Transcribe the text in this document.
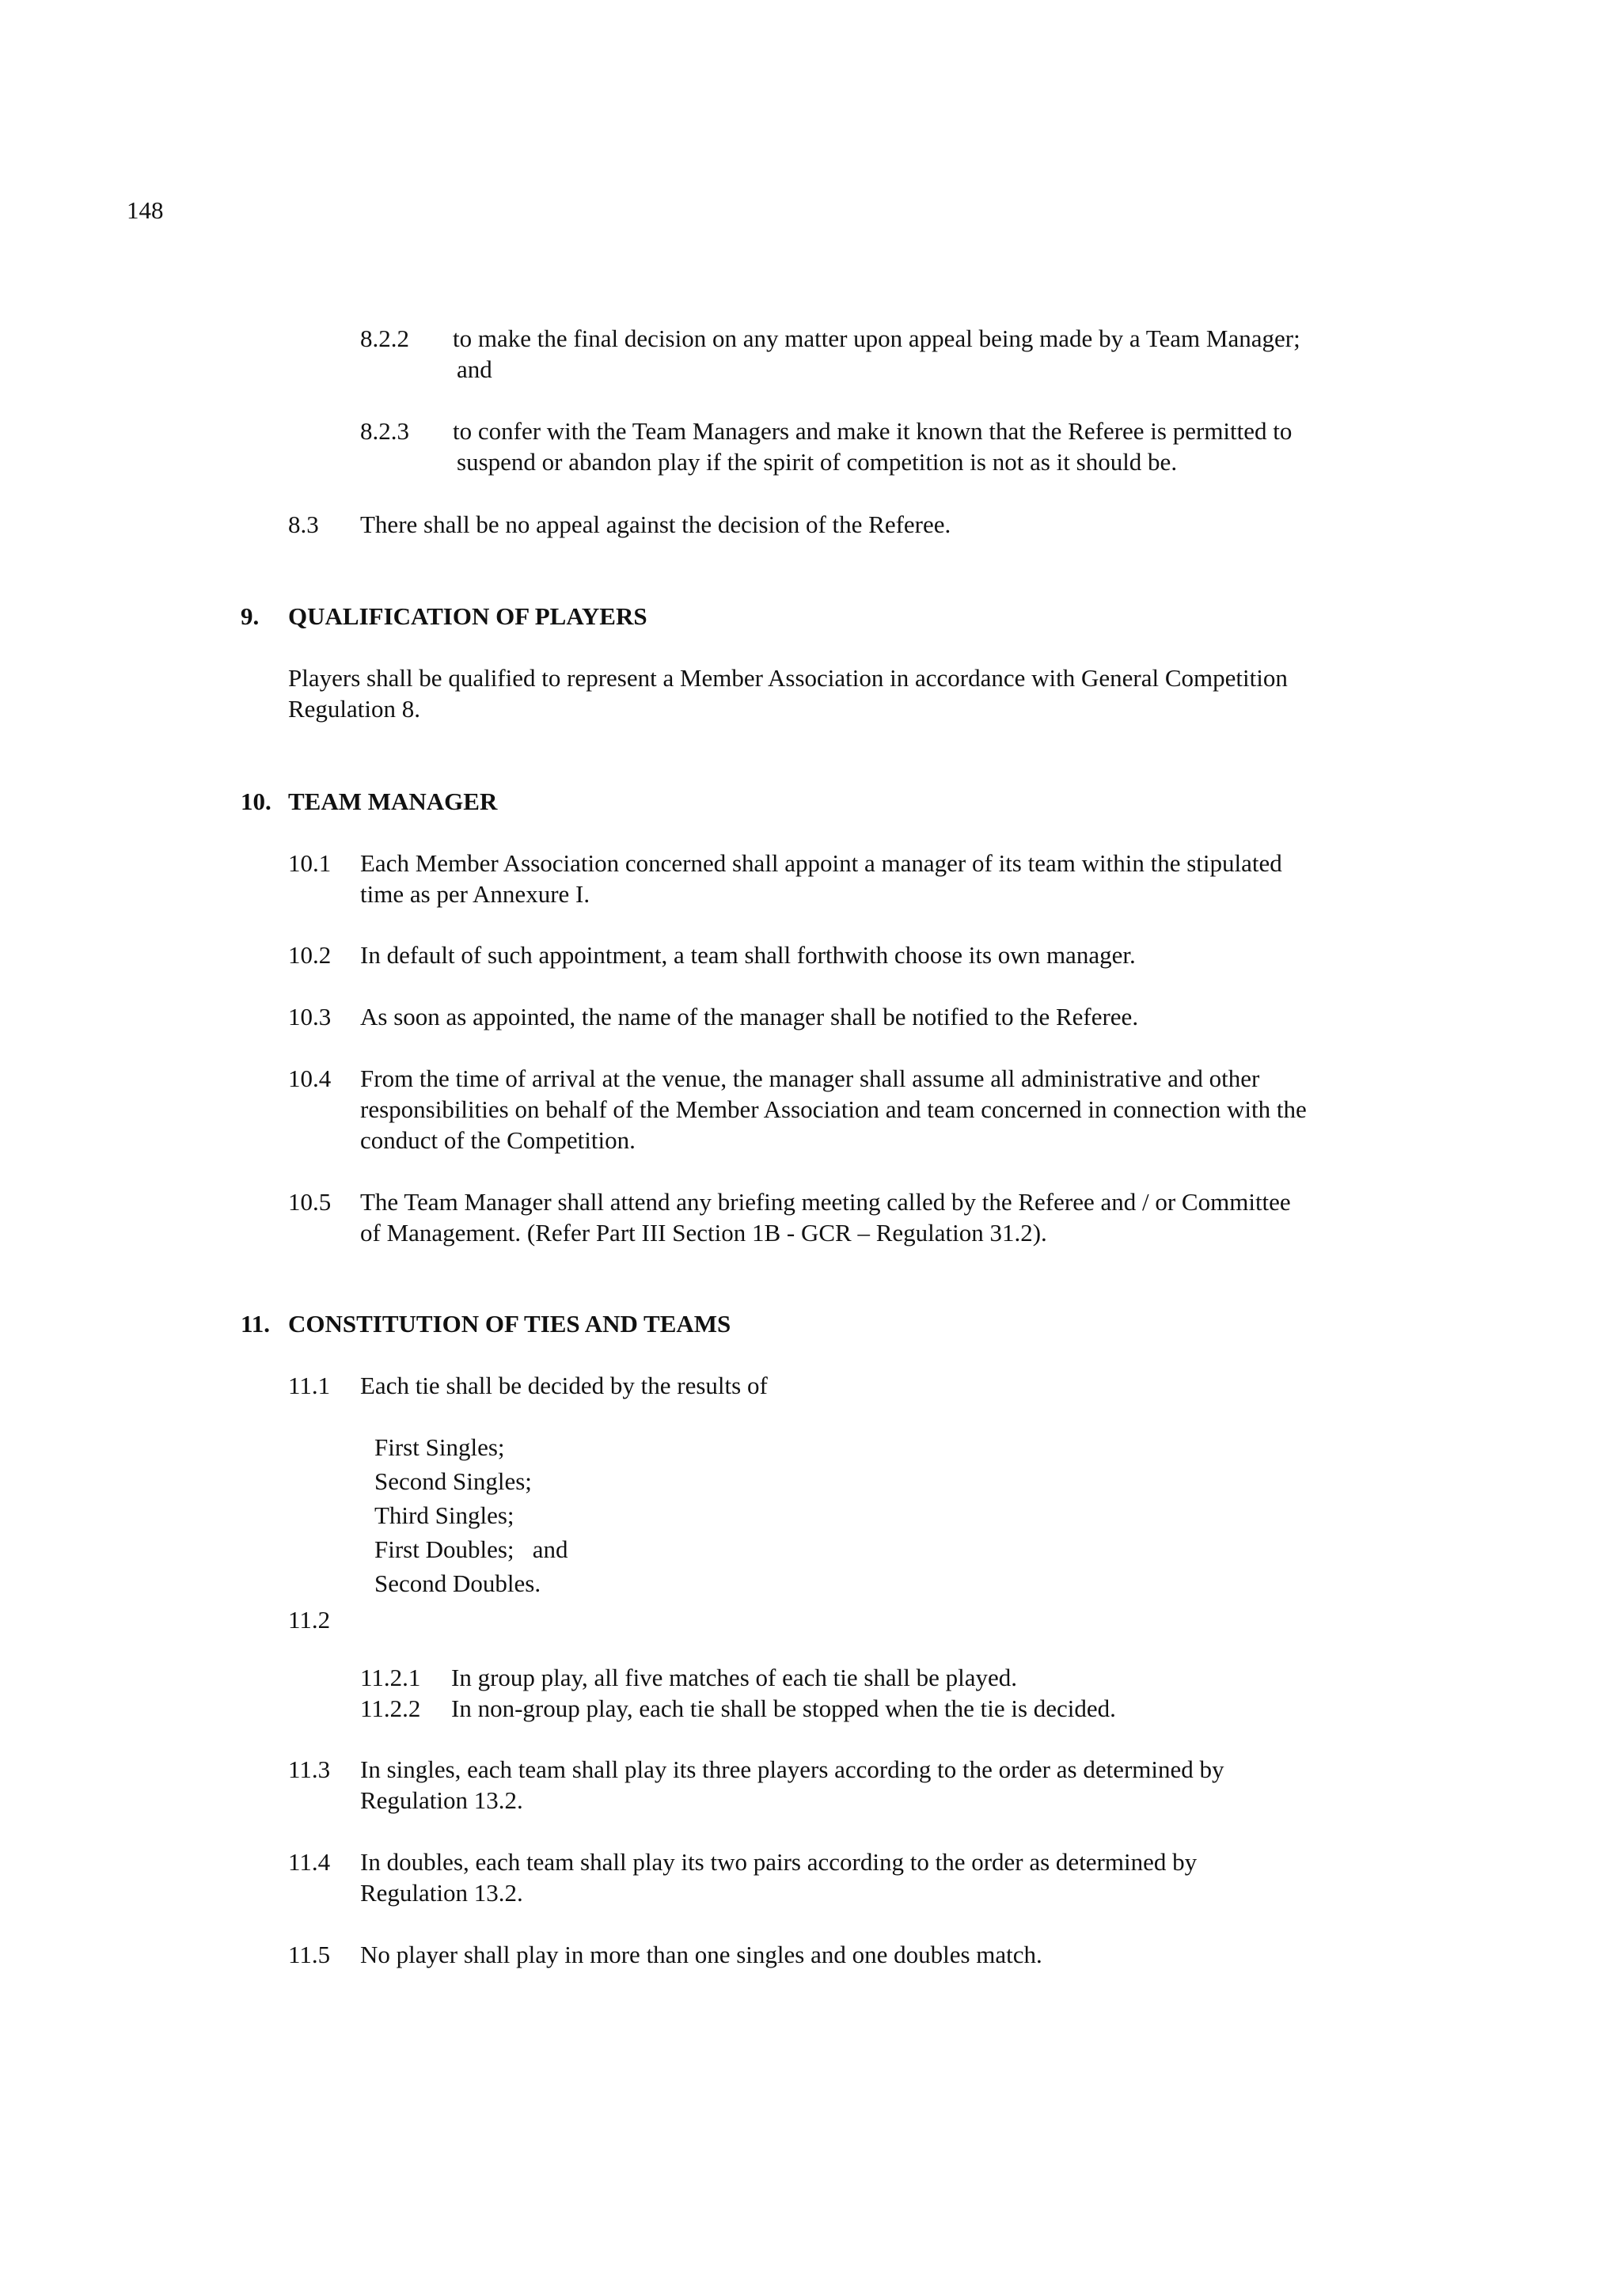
148
8.2.2 to make the final decision on any matter upon appeal being made by a Team Manager;
and
8.2.3 to confer with the Team Managers and make it known that the Referee is permitted to
suspend or abandon play if the spirit of competition is not as it should be.
8.3 There shall be no appeal against the decision of the Referee.
9. QUALIFICATION OF PLAYERS
Players shall be qualified to represent a Member Association in accordance with General Competition
Regulation 8.
10. TEAM MANAGER
10.1 Each Member Association concerned shall appoint a manager of its team within the stipulated
time as per Annexure I.
10.2 In default of such appointment, a team shall forthwith choose its own manager.
10.3 As soon as appointed, the name of the manager shall be notified to the Referee.
10.4 From the time of arrival at the venue, the manager shall assume all administrative and other
responsibilities on behalf of the Member Association and team concerned in connection with the
conduct of the Competition.
10.5 The Team Manager shall attend any briefing meeting called by the Referee and / or Committee
of Management. (Refer Part III Section 1B - GCR – Regulation 31.2).
11. CONSTITUTION OF TIES AND TEAMS
11.1 Each tie shall be decided by the results of
First Singles;
Second Singles;
Third Singles;
First Doubles;   and
Second Doubles.
11.2
11.2.1 In group play, all five matches of each tie shall be played.
11.2.2 In non-group play, each tie shall be stopped when the tie is decided.
11.3 In singles, each team shall play its three players according to the order as determined by
Regulation 13.2.
11.4 In doubles, each team shall play its two pairs according to the order as determined by
Regulation 13.2.
11.5 No player shall play in more than one singles and one doubles match.
